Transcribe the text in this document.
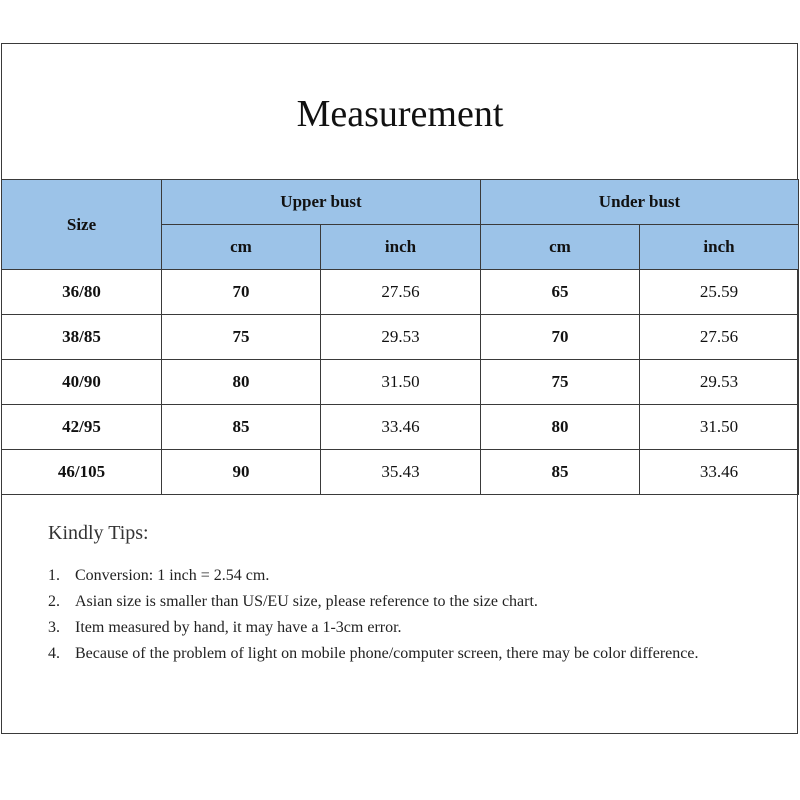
Measurement
Size	Upper bust		Under bust	
	cm	inch	cm	inch
36/80	70	27.56	65	25.59
38/85	75	29.53	70	27.56
40/90	80	31.50	75	29.53
42/95	85	33.46	80	31.50
46/105	90	35.43	85	33.46

Kindly Tips:

1. Conversion: 1 inch = 2.54 cm.
2. Asian size is smaller than US/EU size, please reference to the size chart.
3. Item measured by hand, it may have a 1-3cm error.
4. Because of the problem of light on mobile phone/computer screen, there may be color difference.
